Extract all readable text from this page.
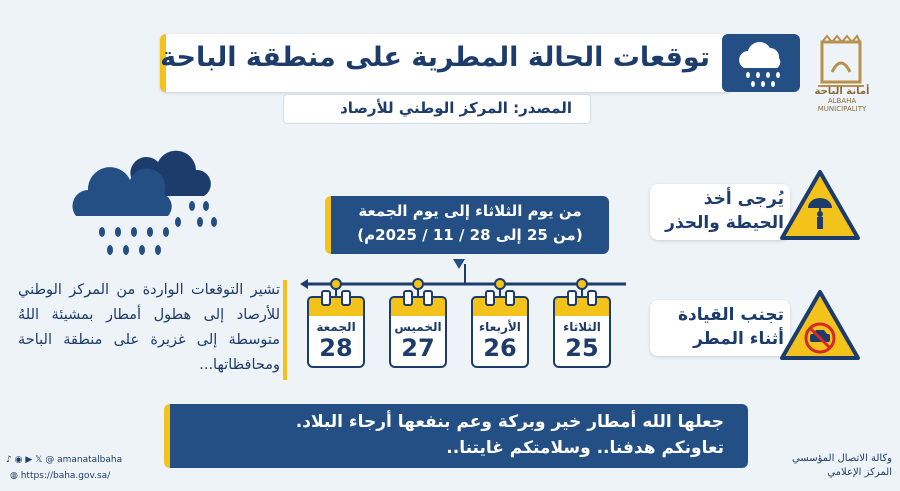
توقعات الحالة المطرية على منطقة الباحة
أمانة الباحة
ALBAHA MUNICIPALITY
المصدر: المركز الوطني للأرصاد
تشير التوقعات الواردة من المركز الوطني للأرصاد إلى هطول أمطار بمشيئة اللهُ متوسطة إلى غزيرة على منطقة الباحة ومحافظاتها...
من يوم الثلاثاء إلى يوم الجمعة
(من 25 إلى 28 / 11 / 2025م)
الثلاثاء
25
الأربعاء
26
الخميس
27
الجمعة
28
يُرجى أخذ
الحيطة والحذر
تجنب القيادة
أثناء المطر
جعلها الله أمطار خير وبركة وعم بنفعها أرجاء البلاد.
تعاونكم هدفنا.. وسلامتكم غايتنا..
وكالة الاتصال المؤسسي
المركز الإعلامي
♪ ◉ ▶ 𝕏 @ amanatalbaha
◍ https://baha.gov.sa/
